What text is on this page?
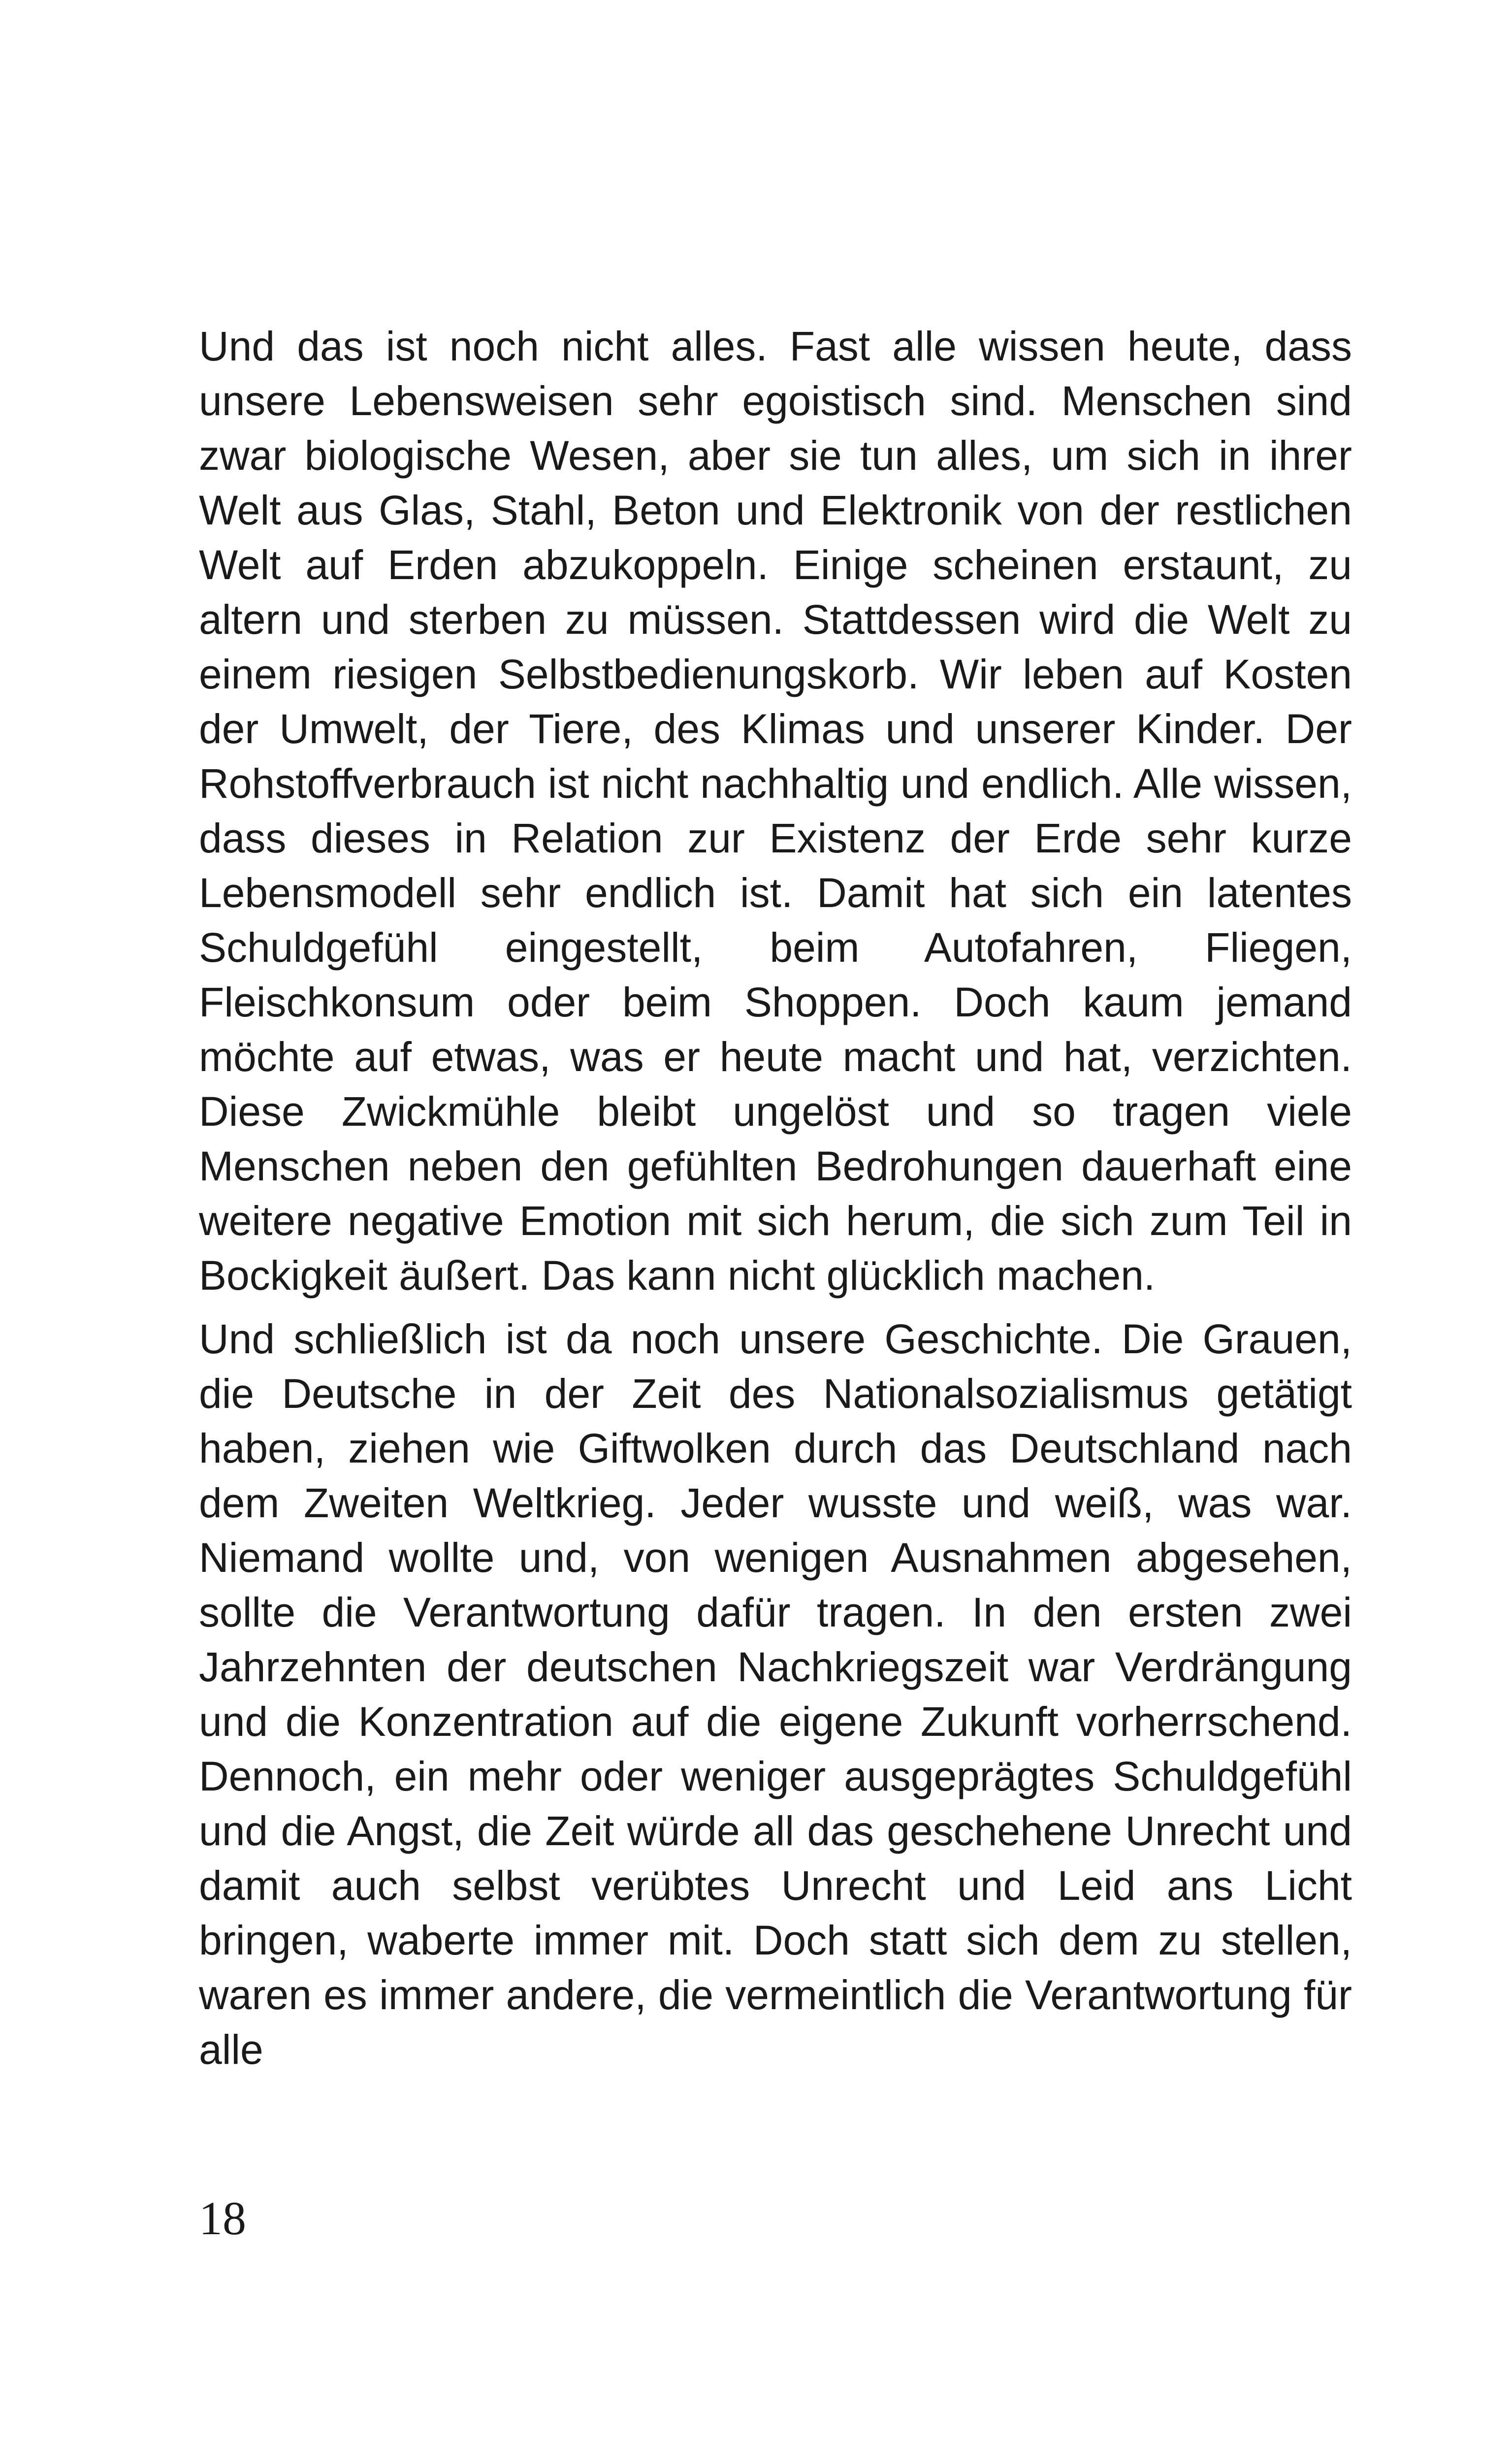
Und das ist noch nicht alles. Fast alle wissen heute, dass unsere Lebensweisen sehr egoistisch sind. Menschen sind zwar biologische Wesen, aber sie tun alles, um sich in ihrer Welt aus Glas, Stahl, Beton und Elektronik von der restlichen Welt auf Erden abzukoppeln. Einige scheinen erstaunt, zu altern und sterben zu müssen. Stattdessen wird die Welt zu einem riesigen Selbstbedienungskorb. Wir leben auf Kosten der Umwelt, der Tiere, des Klimas und unserer Kinder. Der Rohstoffverbrauch ist nicht nachhaltig und endlich. Alle wissen, dass dieses in Relation zur Existenz der Erde sehr kurze Lebensmodell sehr endlich ist. Damit hat sich ein latentes Schuldgefühl eingestellt, beim Autofahren, Fliegen, Fleischkonsum oder beim Shoppen. Doch kaum jemand möchte auf etwas, was er heute macht und hat, verzichten. Diese Zwickmühle bleibt ungelöst und so tragen viele Menschen neben den gefühlten Bedrohungen dauerhaft eine weitere negative Emotion mit sich herum, die sich zum Teil in Bockigkeit äußert. Das kann nicht glücklich machen.

Und schließlich ist da noch unsere Geschichte. Die Grauen, die Deutsche in der Zeit des Nationalsozialismus getätigt haben, ziehen wie Giftwolken durch das Deutschland nach dem Zweiten Weltkrieg. Jeder wusste und weiß, was war. Niemand wollte und, von wenigen Ausnahmen abgesehen, sollte die Verantwortung dafür tragen. In den ersten zwei Jahrzehnten der deutschen Nachkriegszeit war Verdrängung und die Konzentration auf die eigene Zukunft vorherrschend. Dennoch, ein mehr oder weniger ausgeprägtes Schuldgefühl und die Angst, die Zeit würde all das geschehene Unrecht und damit auch selbst verübtes Unrecht und Leid ans Licht bringen, waberte immer mit. Doch statt sich dem zu stellen, waren es immer andere, die vermeintlich die Verantwortung für alle

18
